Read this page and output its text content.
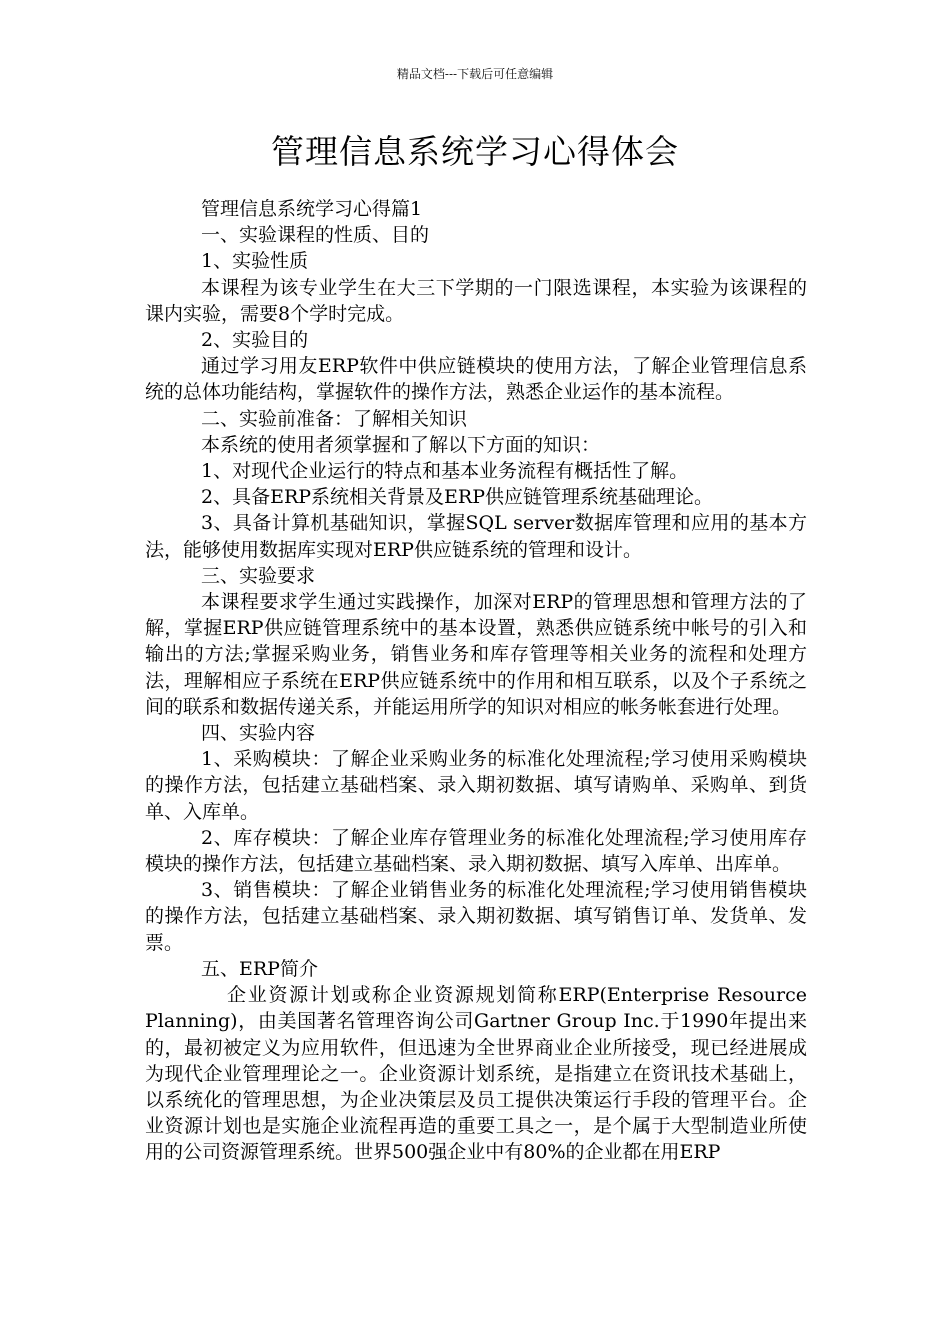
精品文档---下载后可任意编辑
管理信息系统学习心得体会

管理信息系统学习心得篇1

一、实验课程的性质、目的

1、实验性质

本课程为该专业学生在大三下学期的一门限选课程，本实验为该课程的课内实验，需要8个学时完成。

2、实验目的

通过学习用友ERP软件中供应链模块的使用方法，了解企业管理信息系统的总体功能结构，掌握软件的操作方法，熟悉企业运作的基本流程。

二、实验前准备：了解相关知识

本系统的使用者须掌握和了解以下方面的知识：

1、对现代企业运行的特点和基本业务流程有概括性了解。

2、具备ERP系统相关背景及ERP供应链管理系统基础理论。

3、具备计算机基础知识，掌握SQL server数据库管理和应用的基本方法，能够使用数据库实现对ERP供应链系统的管理和设计。

三、实验要求

本课程要求学生通过实践操作，加深对ERP的管理思想和管理方法的了解，掌握ERP供应链管理系统中的基本设置，熟悉供应链系统中帐号的引入和输出的方法;掌握采购业务，销售业务和库存管理等相关业务的流程和处理方法，理解相应子系统在ERP供应链系统中的作用和相互联系，以及个子系统之间的联系和数据传递关系，并能运用所学的知识对相应的帐务帐套进行处理。

四、实验内容

1、采购模块：了解企业采购业务的标准化处理流程;学习使用采购模块的操作方法，包括建立基础档案、录入期初数据、填写请购单、采购单、到货单、入库单。

2、库存模块：了解企业库存管理业务的标准化处理流程;学习使用库存模块的操作方法，包括建立基础档案、录入期初数据、填写入库单、出库单。

3、销售模块：了解企业销售业务的标准化处理流程;学习使用销售模块的操作方法，包括建立基础档案、录入期初数据、填写销售订单、发货单、发票。

五、ERP简介

企业资源计划或称企业资源规划简称ERP(Enterprise Resource Planning)，由美国著名管理咨询公司Gartner Group Inc.于1990年提出来的，最初被定义为应用软件，但迅速为全世界商业企业所接受，现已经进展成为现代企业管理理论之一。企业资源计划系统，是指建立在资讯技术基础上，以系统化的管理思想，为企业决策层及员工提供决策运行手段的管理平台。企业资源计划也是实施企业流程再造的重要工具之一，是个属于大型制造业所使用的公司资源管理系统。世界500强企业中有80%的企业都在用ERP
